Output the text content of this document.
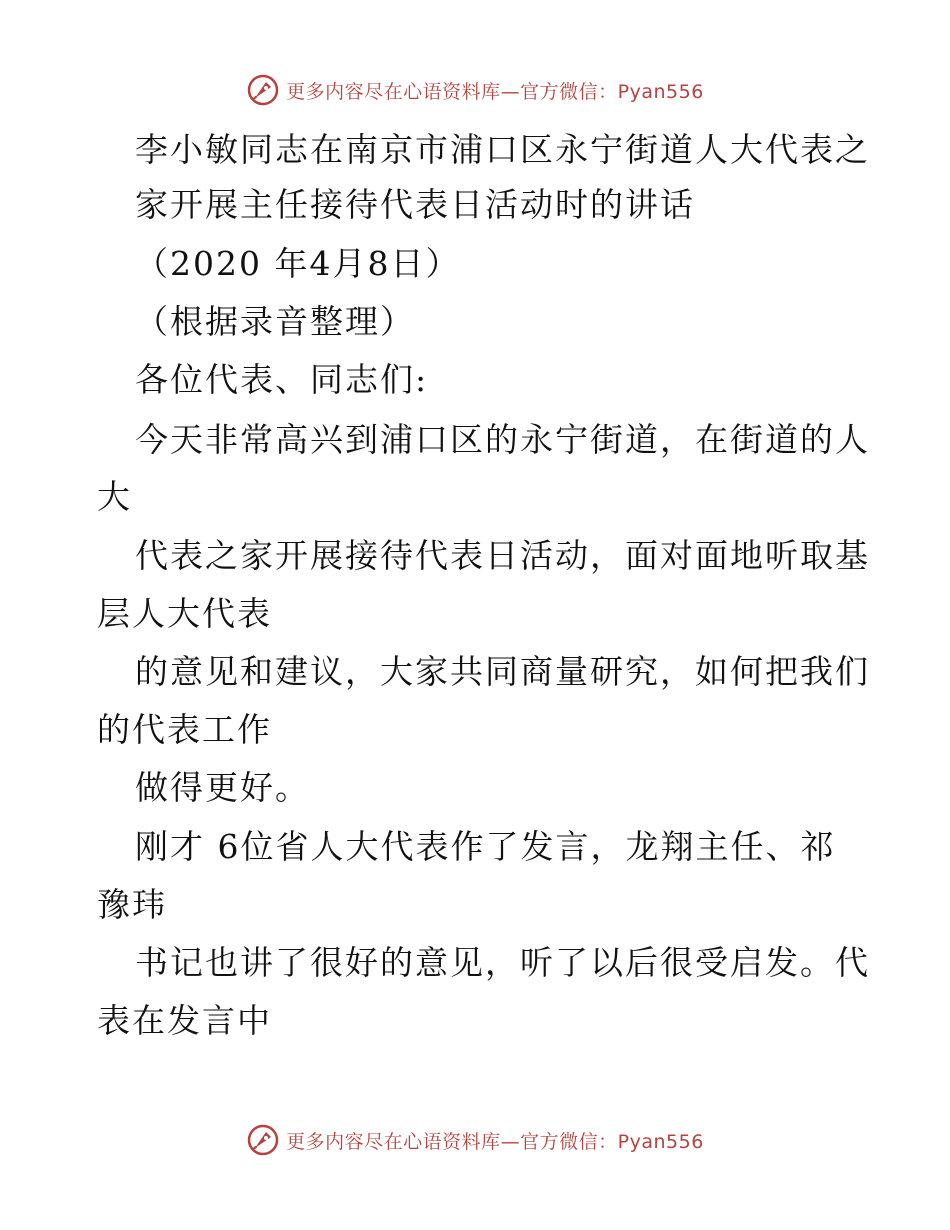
更多内容尽在心语资料库—官方微信：Pyan556
李小敏同志在南京市浦口区永宁街道人大代表之
家开展主任接待代表日活动时的讲话
（2020 年4月8日）
（根据录音整理）
各位代表、同志们:
今天非常高兴到浦口区的永宁街道，在街道的人
大
代表之家开展接待代表日活动，面对面地听取基
层人大代表
的意见和建议，大家共同商量研究，如何把我们
的代表工作
做得更好。
刚才 6位省人大代表作了发言，龙翔主任、祁
豫玮
书记也讲了很好的意见，听了以后很受启发。代
表在发言中
更多内容尽在心语资料库—官方微信：Pyan556
